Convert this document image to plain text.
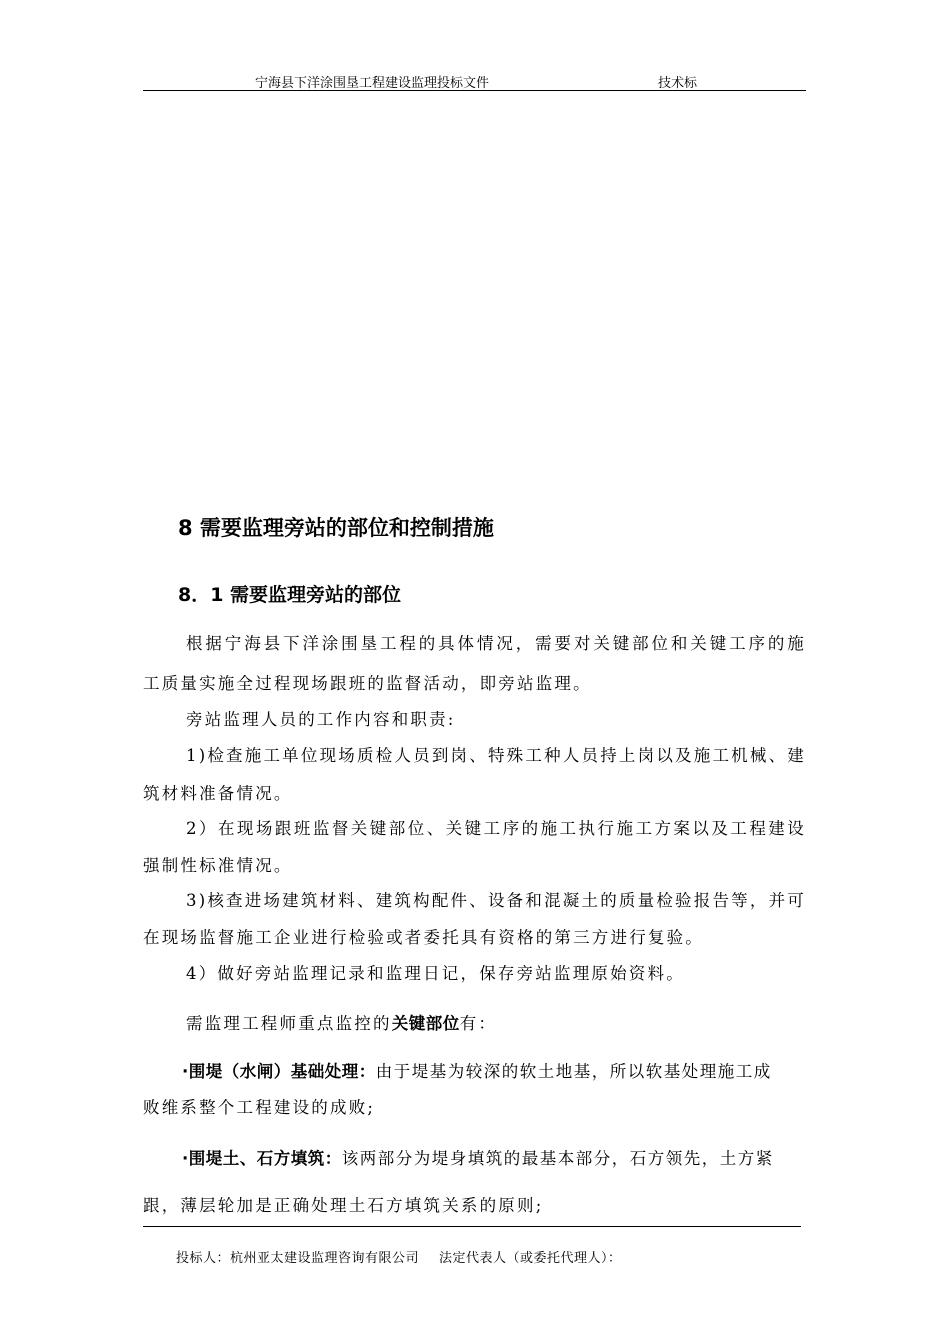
宁海县下洋涂围垦工程建设监理投标文件	技术标
8 需要监理旁站的部位和控制措施
8．1 需要监理旁站的部位
根据宁海县下洋涂围垦工程的具体情况，需要对关键部位和关键工序的施
工质量实施全过程现场跟班的监督活动，即旁站监理。
旁站监理人员的工作内容和职责:
1)检查施工单位现场质检人员到岗、特殊工种人员持上岗以及施工机械、建
筑材料准备情况。
2）在现场跟班监督关键部位、关键工序的施工执行施工方案以及工程建设
强制性标准情况。
3)核查进场建筑材料、建筑构配件、设备和混凝土的质量检验报告等，并可
在现场监督施工企业进行检验或者委托具有资格的第三方进行复验。
4）做好旁站监理记录和监理日记，保存旁站监理原始资料。
需监理工程师重点监控的关键部位有：
·围堤（水闸）基础处理：由于堤基为较深的软土地基，所以软基处理施工成
败维系整个工程建设的成败;
·围堤土、石方填筑：该两部分为堤身填筑的最基本部分，石方领先，土方紧
跟，薄层轮加是正确处理土石方填筑关系的原则;
投标人：杭州亚太建设监理咨询有限公司 法定代表人（或委托代理人）：
